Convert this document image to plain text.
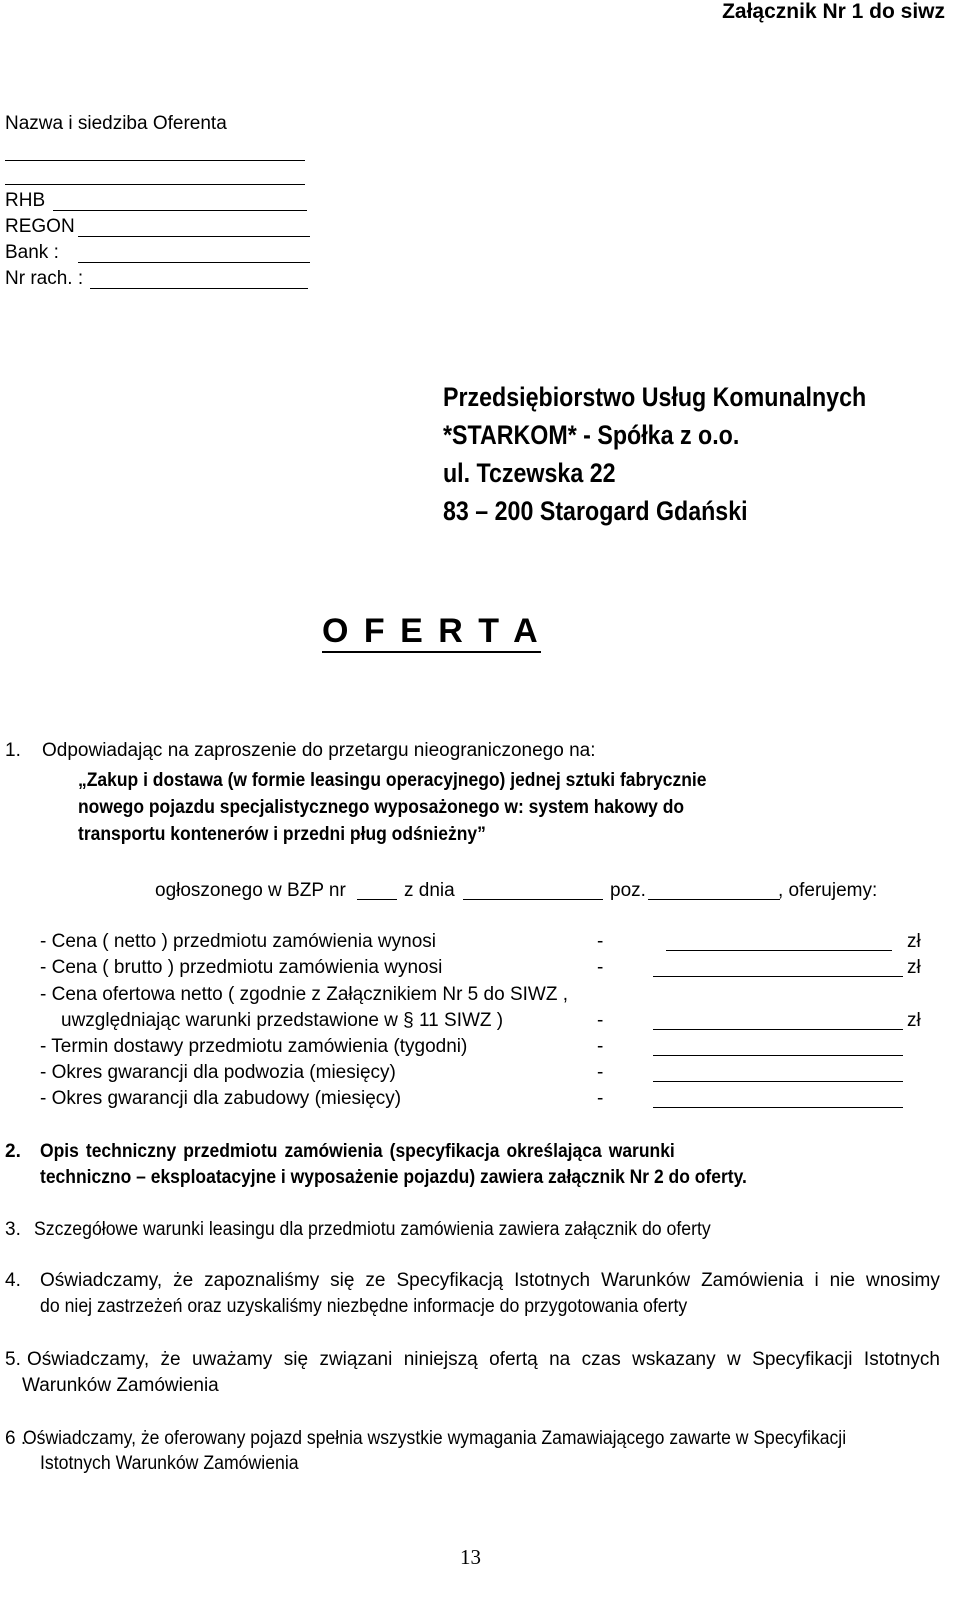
Załącznik Nr 1 do siwz
Nazwa i siedziba Oferenta
RHB
REGON
Bank :
Nr rach. :
Przedsiębiorstwo Usług Komunalnych
*STARKOM* - Spółka z o.o.
ul. Tczewska 22
83 – 200 Starogard Gdański
O F E R T A
1. Odpowiadając na zaproszenie do przetargu nieograniczonego na:
„Zakup i dostawa (w formie leasingu operacyjnego) jednej sztuki fabrycznie
nowego pojazdu specjalistycznego wyposażonego w: system hakowy do
transportu kontenerów i przedni pług odśnieżny”
ogłoszonego w BZP nr	z dnia	poz.	, oferujemy:
- Cena ( netto ) przedmiotu zamówienia wynosi	-	zł
- Cena ( brutto ) przedmiotu zamówienia wynosi	-	zł
- Cena ofertowa netto ( zgodnie z Załącznikiem Nr 5 do SIWZ ,
uwzględniając warunki przedstawione w § 11 SIWZ )	-	zł
- Termin dostawy przedmiotu zamówienia (tygodni)	-
- Okres gwarancji dla podwozia (miesięcy)	-
- Okres gwarancji dla zabudowy (miesięcy)	-
2. Opis techniczny przedmiotu zamówienia (specyfikacja określająca warunki
techniczno – eksploatacyjne i wyposażenie pojazdu) zawiera załącznik Nr 2 do oferty.
3. Szczegółowe warunki leasingu dla przedmiotu zamówienia zawiera załącznik do oferty
4. Oświadczamy, że zapoznaliśmy się ze Specyfikacją Istotnych Warunków Zamówienia i nie wnosimy
do niej zastrzeżeń oraz uzyskaliśmy niezbędne informacje do przygotowania oferty
5. Oświadczamy, że uważamy się związani niniejszą ofertą na czas wskazany w Specyfikacji Istotnych
Warunków Zamówienia
6 .
Oświadczamy, że oferowany pojazd spełnia wszystkie wymagania Zamawiającego zawarte w Specyfikacji
Istotnych Warunków Zamówienia
13
